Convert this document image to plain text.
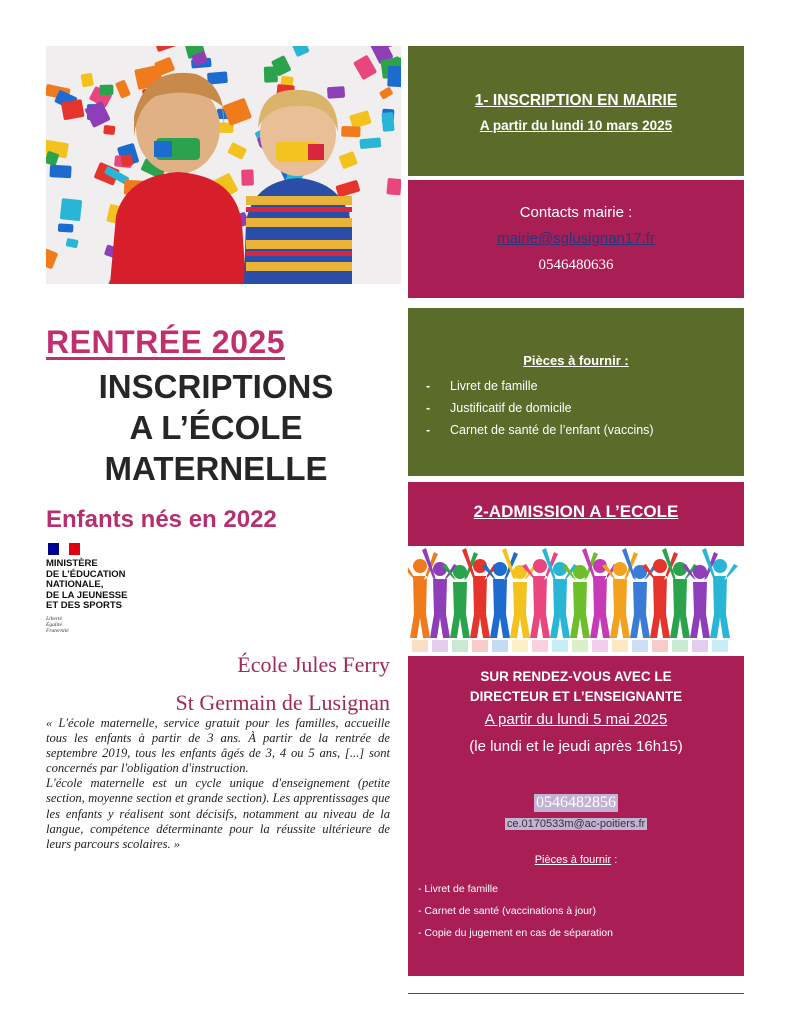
RENTRÉE 2025
INSCRIPTIONS
A L’ÉCOLE
MATERNELLE
Enfants nés en 2022
MINISTÈRE
DE L’ÉDUCATION
NATIONALE,
DE LA JEUNESSE
ET DES SPORTS
Liberté
Égalité
Fraternité
École Jules Ferry
St Germain de Lusignan

« L'école maternelle, service gratuit pour les familles, accueille tous les enfants à partir de 3 ans. À partir de la rentrée de septembre 2019, tous les enfants âgés de 3, 4 ou 5 ans, [...] sont concernés par l'obligation d'instruction.

L'école maternelle est un cycle unique d'enseignement (petite section, moyenne section et grande section). Les apprentissages que les enfants y réalisent sont décisifs, notamment au niveau de la langue, compétence déterminante pour la réussite ultérieure de leurs parcours scolaires. »

1- INSCRIPTION EN MAIRIE
A partir du lundi 10 mars 2025
Contacts mairie :
mairie@sglusignan17.fr
0546480636
Pièces à fournir :
- Livret de famille
- Justificatif de domicile
- Carnet de santé de l’enfant (vaccins)
2-ADMISSION A L’ECOLE
SUR RENDEZ-VOUS AVEC LE
DIRECTEUR ET L’ENSEIGNANTE
A partir du lundi 5 mai 2025
(le lundi et le jeudi après 16h15)
0546482856
ce.0170533m@ac-poitiers.fr
Pièces à fournir :
- Livret de famille
- Carnet de santé (vaccinations à jour)
- Copie du jugement en cas de séparation
